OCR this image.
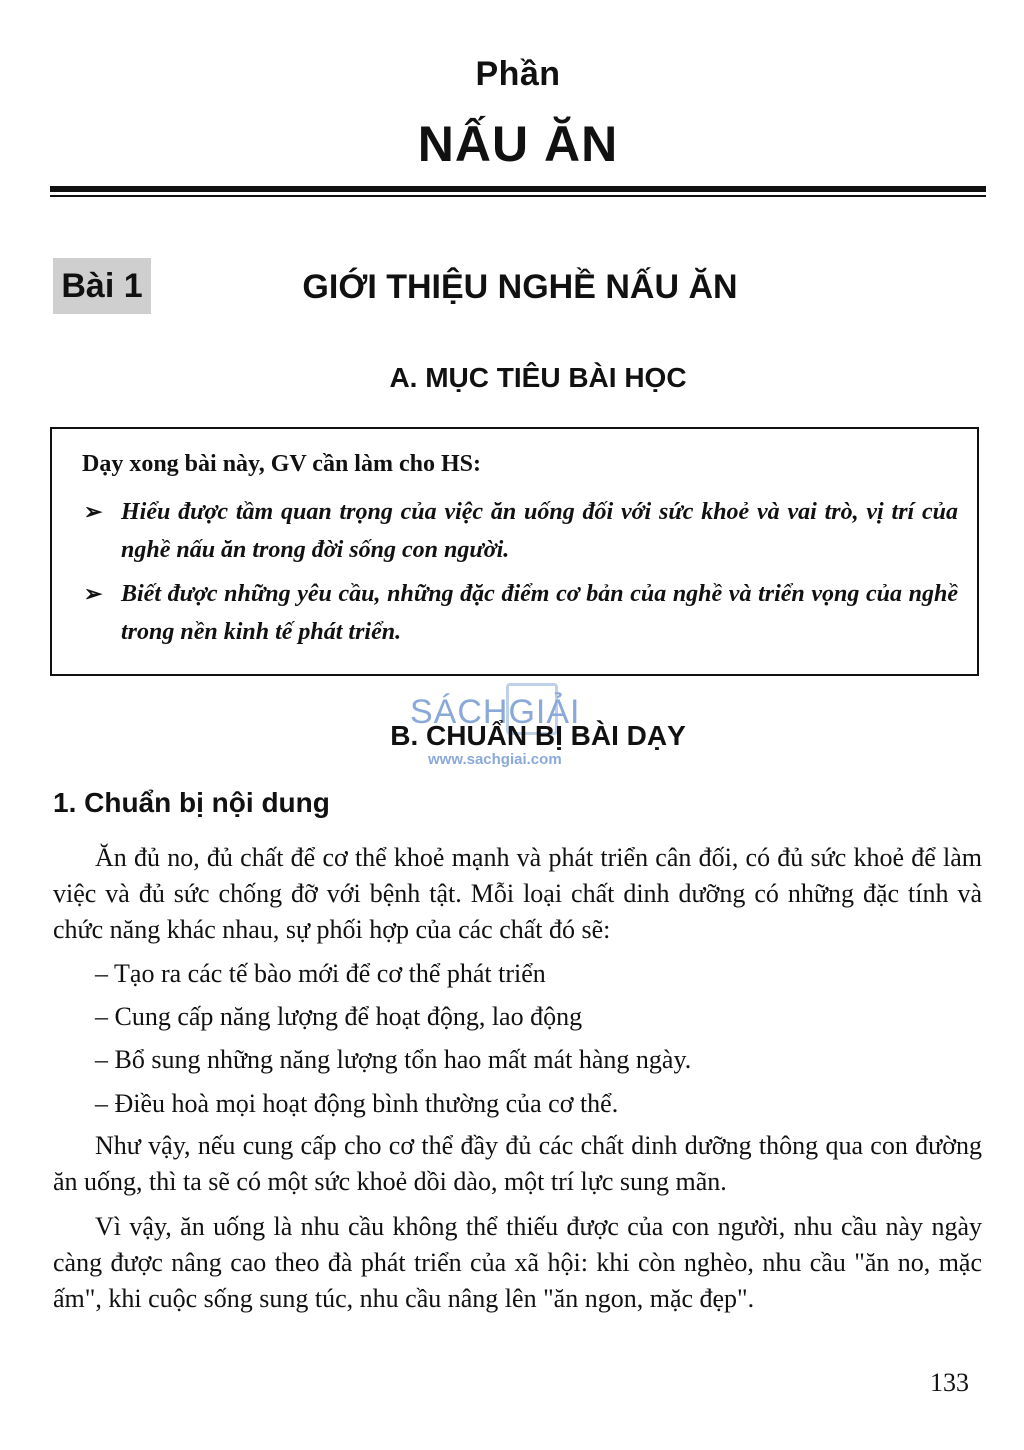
Phần
NẤU ĂN
Bài 1	GIỚI THIỆU NGHỀ NẤU ĂN
A. MỤC TIÊU BÀI HỌC
Dạy xong bài này, GV cần làm cho HS:
➢ Hiểu được tầm quan trọng của việc ăn uống đối với sức khoẻ và vai trò, vị trí của nghề nấu ăn trong đời sống con người.
➢ Biết được những yêu cầu, những đặc điểm cơ bản của nghề và triển vọng của nghề trong nền kinh tế phát triển.
SÁCHGIẢI
www.sachgiai.com
B. CHUẨN BỊ BÀI DẠY
1. Chuẩn bị nội dung
Ăn đủ no, đủ chất để cơ thể khoẻ mạnh và phát triển cân đối, có đủ sức khoẻ để làm việc và đủ sức chống đỡ với bệnh tật. Mỗi loại chất dinh dưỡng có những đặc tính và chức năng khác nhau, sự phối hợp của các chất đó sẽ:
– Tạo ra các tế bào mới để cơ thể phát triển
– Cung cấp năng lượng để hoạt động, lao động
– Bổ sung những năng lượng tổn hao mất mát hàng ngày.
– Điều hoà mọi hoạt động bình thường của cơ thể.
Như vậy, nếu cung cấp cho cơ thể đầy đủ các chất dinh dưỡng thông qua con đường ăn uống, thì ta sẽ có một sức khoẻ dồi dào, một trí lực sung mãn.
Vì vậy, ăn uống là nhu cầu không thể thiếu được của con người, nhu cầu này ngày càng được nâng cao theo đà phát triển của xã hội: khi còn nghèo, nhu cầu "ăn no, mặc ấm", khi cuộc sống sung túc, nhu cầu nâng lên "ăn ngon, mặc đẹp".
133
